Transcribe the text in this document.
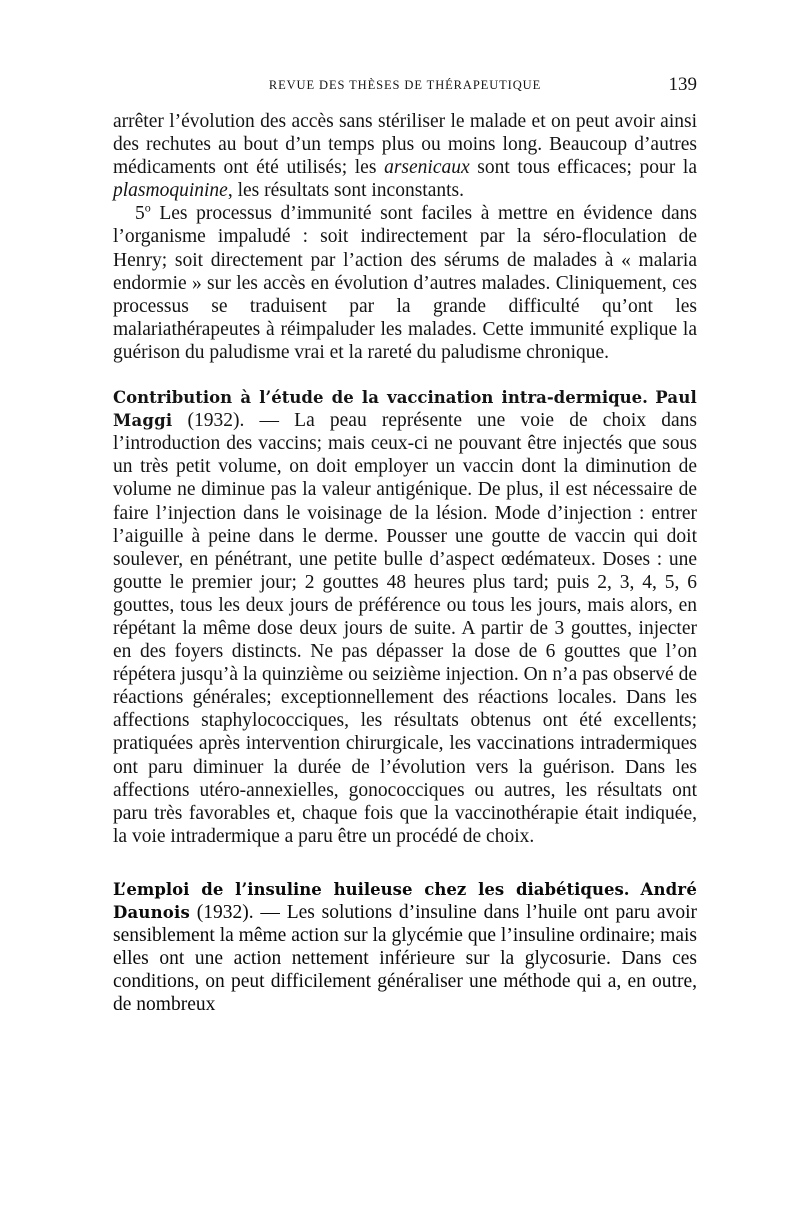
REVUE DES THÈSES DE THÉRAPEUTIQUE	139

arrêter l’évolution des accès sans stériliser le malade et on peut avoir ainsi des rechutes au bout d’un temps plus ou moins long. Beaucoup d’autres médicaments ont été utilisés; les arsenicaux sont tous efficaces; pour la plasmoquinine, les résultats sont inconstants.

5$^o$ Les processus d’immunité sont faciles à mettre en évidence dans l’organisme impaludé : soit indirectement par la séro-floculation de Henry; soit directement par l’action des sérums de malades à « malaria endormie » sur les accès en évolution d’autres malades. Cliniquement, ces processus se traduisent par la grande difficulté qu’ont les malariathérapeutes à réimpaluder les malades. Cette immunité explique la guérison du paludisme vrai et la rareté du paludisme chronique.

Contribution à l’étude de la vaccination intra-dermique. Paul Maggi (1932). — La peau représente une voie de choix dans l’introduction des vaccins; mais ceux-ci ne pouvant être injectés que sous un très petit volume, on doit employer un vaccin dont la diminution de volume ne diminue pas la valeur antigénique. De plus, il est nécessaire de faire l’injection dans le voisinage de la lésion. Mode d’injection : entrer l’aiguille à peine dans le derme. Pousser une goutte de vaccin qui doit soulever, en pénétrant, une petite bulle d’aspect œdémateux. Doses : une goutte le premier jour; 2 gouttes 48 heures plus tard; puis 2, 3, 4, 5, 6 gouttes, tous les deux jours de préférence ou tous les jours, mais alors, en répétant la même dose deux jours de suite. A partir de 3 gouttes, injecter en des foyers distincts. Ne pas dépasser la dose de 6 gouttes que l’on répétera jusqu’à la quinzième ou seizième injection. On n’a pas observé de réactions générales; exceptionnellement des réactions locales. Dans les affections staphylococciques, les résultats obtenus ont été excellents; pratiquées après intervention chirurgicale, les vaccinations intradermiques ont paru diminuer la durée de l’évolution vers la guérison. Dans les affections utéro-annexielles, gonococciques ou autres, les résultats ont paru très favorables et, chaque fois que la vaccinothérapie était indiquée, la voie intradermique a paru être un procédé de choix.

L’emploi de l’insuline huileuse chez les diabétiques. André Daunois (1932). — Les solutions d’insuline dans l’huile ont paru avoir sensiblement la même action sur la glycémie que l’insuline ordinaire; mais elles ont une action nettement inférieure sur la glycosurie. Dans ces conditions, on peut difficilement généraliser une méthode qui a, en outre, de nombreux
